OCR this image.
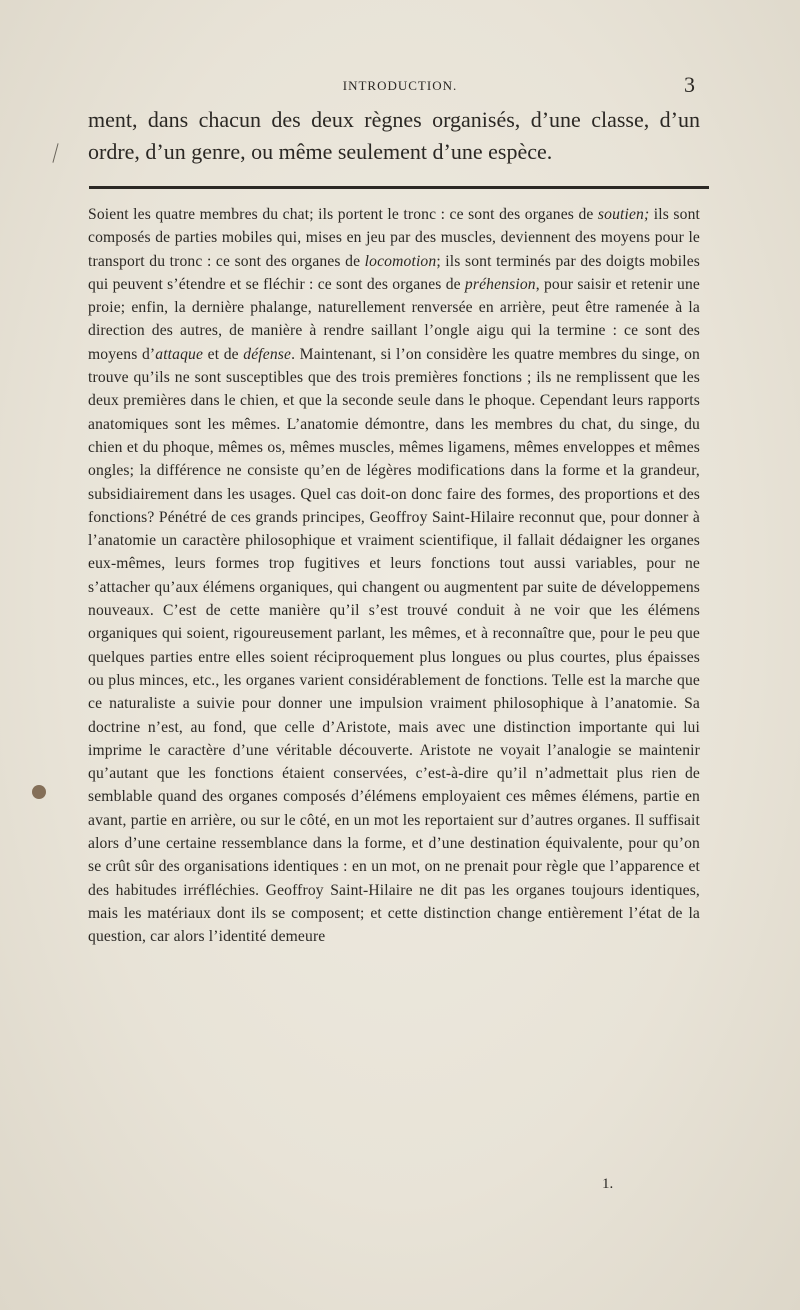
INTRODUCTION.	3
ment, dans chacun des deux règnes organisés, d’une classe, d’un ordre, d’un genre, ou même seulement d’une espèce.

Soient les quatre membres du chat; ils portent le tronc : ce sont des organes de soutien; ils sont composés de parties mobiles qui, mises en jeu par des muscles, deviennent des moyens pour le transport du tronc : ce sont des organes de locomotion; ils sont terminés par des doigts mobiles qui peuvent s’étendre et se fléchir : ce sont des organes de préhension, pour saisir et retenir une proie; enfin, la dernière phalange, naturellement renversée en arrière, peut être ramenée à la direction des autres, de manière à rendre saillant l’ongle aigu qui la termine : ce sont des moyens d’attaque et de défense. Maintenant, si l’on considère les quatre membres du singe, on trouve qu’ils ne sont susceptibles que des trois premières fonctions ; ils ne remplissent que les deux premières dans le chien, et que la seconde seule dans le phoque. Cependant leurs rapports anatomiques sont les mêmes. L’anatomie démontre, dans les membres du chat, du singe, du chien et du phoque, mêmes os, mêmes muscles, mêmes ligamens, mêmes enveloppes et mêmes ongles; la différence ne consiste qu’en de légères modifications dans la forme et la grandeur, subsidiairement dans les usages. Quel cas doit-on donc faire des formes, des proportions et des fonctions? Pénétré de ces grands principes, Geoffroy Saint-Hilaire reconnut que, pour donner à l’anatomie un caractère philosophique et vraiment scientifique, il fallait dédaigner les organes eux-mêmes, leurs formes trop fugitives et leurs fonctions tout aussi variables, pour ne s’attacher qu’aux élémens organiques, qui changent ou augmentent par suite de développemens nouveaux. C’est de cette manière qu’il s’est trouvé conduit à ne voir que les élémens organiques qui soient, rigoureusement parlant, les mêmes, et à reconnaître que, pour le peu que quelques parties entre elles soient réciproquement plus longues ou plus courtes, plus épaisses ou plus minces, etc., les organes varient considérablement de fonctions. Telle est la marche que ce naturaliste a suivie pour donner une impulsion vraiment philosophique à l’anatomie. Sa doctrine n’est, au fond, que celle d’Aristote, mais avec une distinction importante qui lui imprime le caractère d’une véritable découverte. Aristote ne voyait l’analogie se maintenir qu’autant que les fonctions étaient conservées, c’est-à-dire qu’il n’admettait plus rien de semblable quand des organes composés d’élémens employaient ces mêmes élémens, partie en avant, partie en arrière, ou sur le côté, en un mot les reportaient sur d’autres organes. Il suffisait alors d’une certaine ressemblance dans la forme, et d’une destination équivalente, pour qu’on se crût sûr des organisations identiques : en un mot, on ne prenait pour règle que l’apparence et des habitudes irréfléchies. Geoffroy Saint-Hilaire ne dit pas les organes toujours identiques, mais les matériaux dont ils se composent; et cette distinction change entièrement l’état de la question, car alors l’identité demeure

1.
